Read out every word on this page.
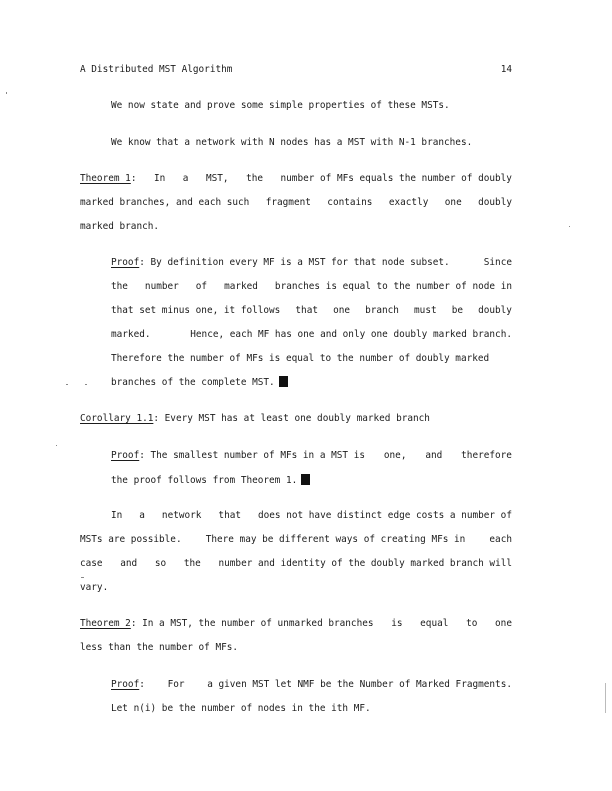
A Distributed MST Algorithm	14
We now state and prove some simple properties of these MSTs.
We know that a network with N nodes has a MST with N-1 branches.
Theorem 1: In a MST, the number of MFs equals the number of doubly
marked branches, and each such fragment contains exactly one doubly
marked branch.
Proof: By definition every MF is a MST for that node subset.	Since
the number of marked branches is equal to the number of node in
that set minus one, it follows that one branch must be doubly
marked.	Hence, each MF has one and only one doubly marked branch.
Therefore the number of MFs is equal to the number of doubly marked
branches of the complete MST.
Corollary 1.1: Every MST has at least one doubly marked branch
Proof: The smallest number of MFs in a MST is one, and therefore
the proof follows from Theorem 1.
In a network that does not have distinct edge costs a number of
MSTs are possible.	There may be different ways of creating MFs in	each
case and so the number and identity of the doubly marked branch will
vary.
Theorem 2: In a MST, the number of unmarked branches is equal to one
less than the number of MFs.
Proof: For a given MST let NMF be the Number of Marked Fragments.
Let n(i) be the number of nodes in the ith MF.
